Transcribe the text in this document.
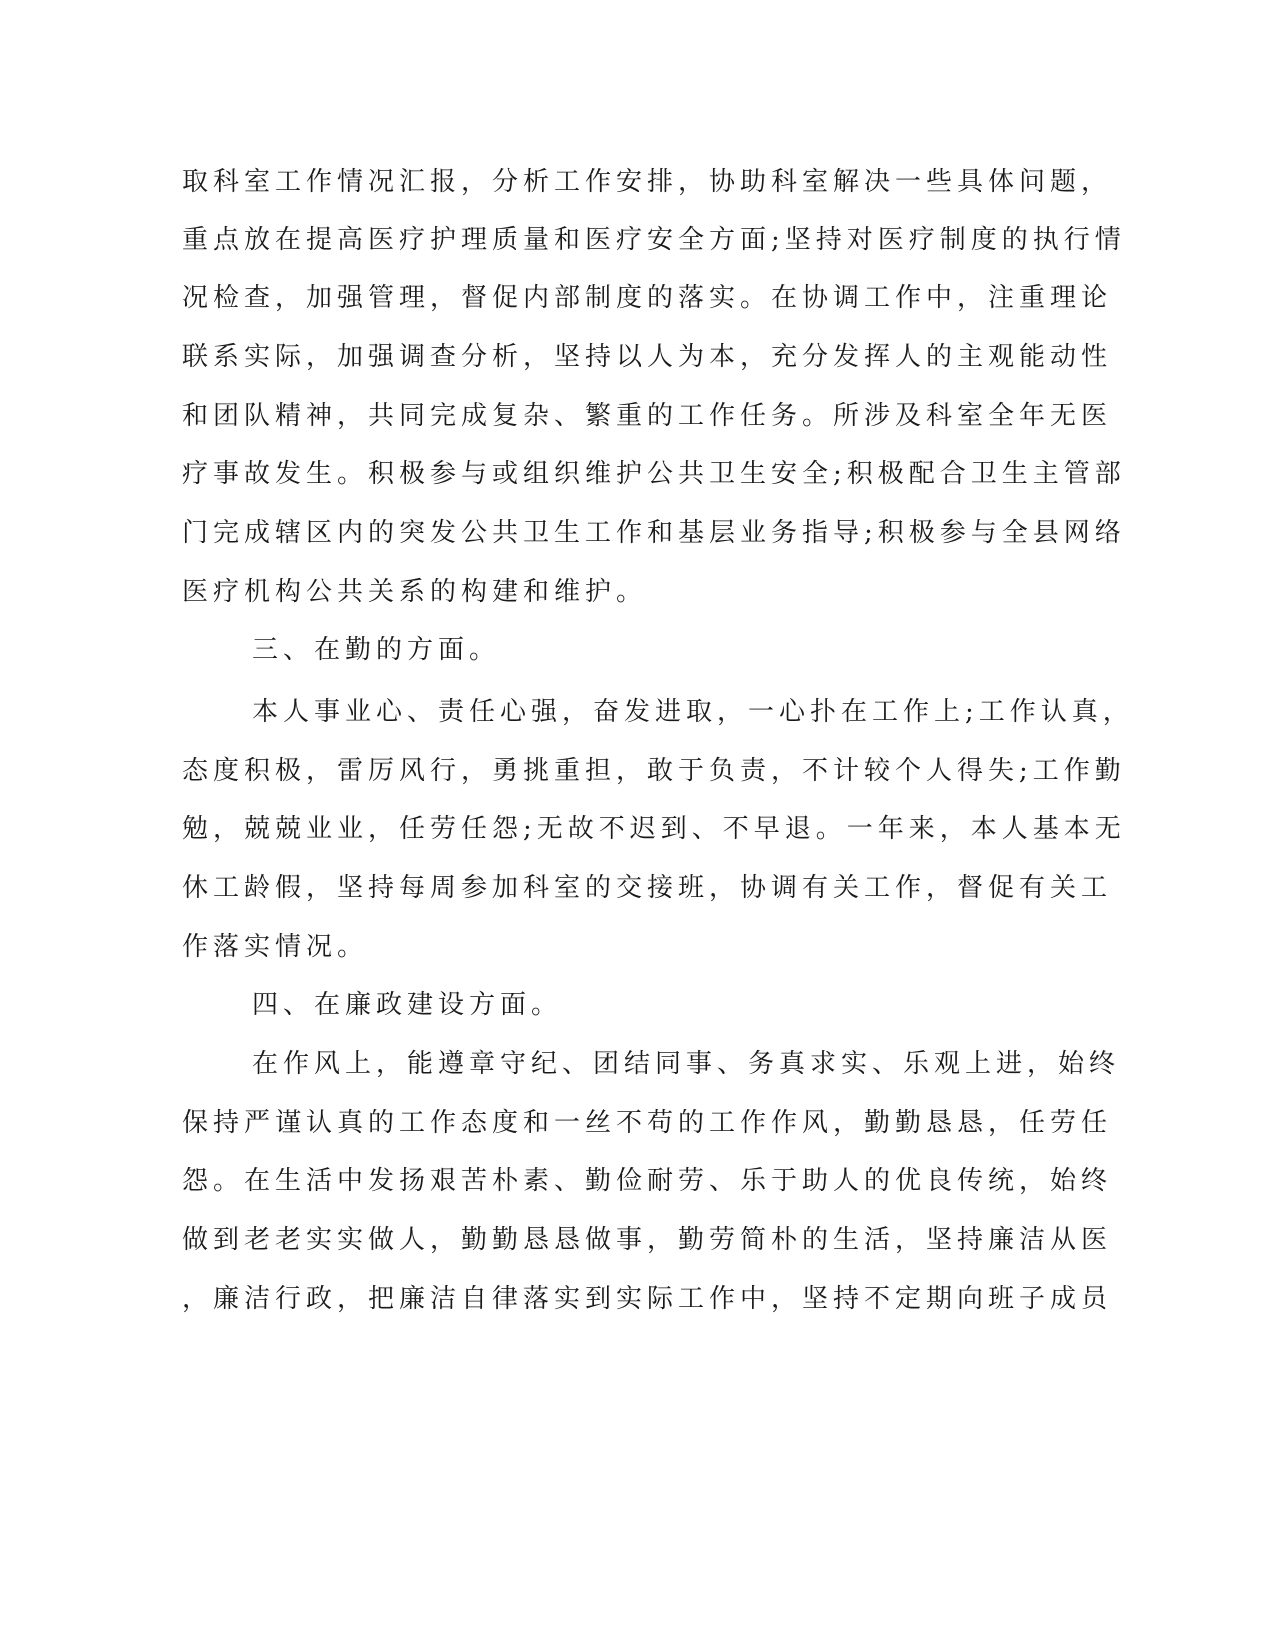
取科室工作情况汇报，分析工作安排，协助科室解决一些具体问题，
重点放在提高医疗护理质量和医疗安全方面;坚持对医疗制度的执行情
况检查，加强管理，督促内部制度的落实。在协调工作中，注重理论
联系实际，加强调查分析，坚持以人为本，充分发挥人的主观能动性
和团队精神，共同完成复杂、繁重的工作任务。所涉及科室全年无医
疗事故发生。积极参与或组织维护公共卫生安全;积极配合卫生主管部
门完成辖区内的突发公共卫生工作和基层业务指导;积极参与全县网络
医疗机构公共关系的构建和维护。
三、在勤的方面。
本人事业心、责任心强，奋发进取，一心扑在工作上;工作认真，
态度积极，雷厉风行，勇挑重担，敢于负责，不计较个人得失;工作勤
勉，兢兢业业，任劳任怨;无故不迟到、不早退。一年来，本人基本无
休工龄假，坚持每周参加科室的交接班，协调有关工作，督促有关工
作落实情况。
四、在廉政建设方面。
在作风上，能遵章守纪、团结同事、务真求实、乐观上进，始终
保持严谨认真的工作态度和一丝不苟的工作作风，勤勤恳恳，任劳任
怨。在生活中发扬艰苦朴素、勤俭耐劳、乐于助人的优良传统，始终
做到老老实实做人，勤勤恳恳做事，勤劳简朴的生活，坚持廉洁从医
，廉洁行政，把廉洁自律落实到实际工作中，坚持不定期向班子成员
